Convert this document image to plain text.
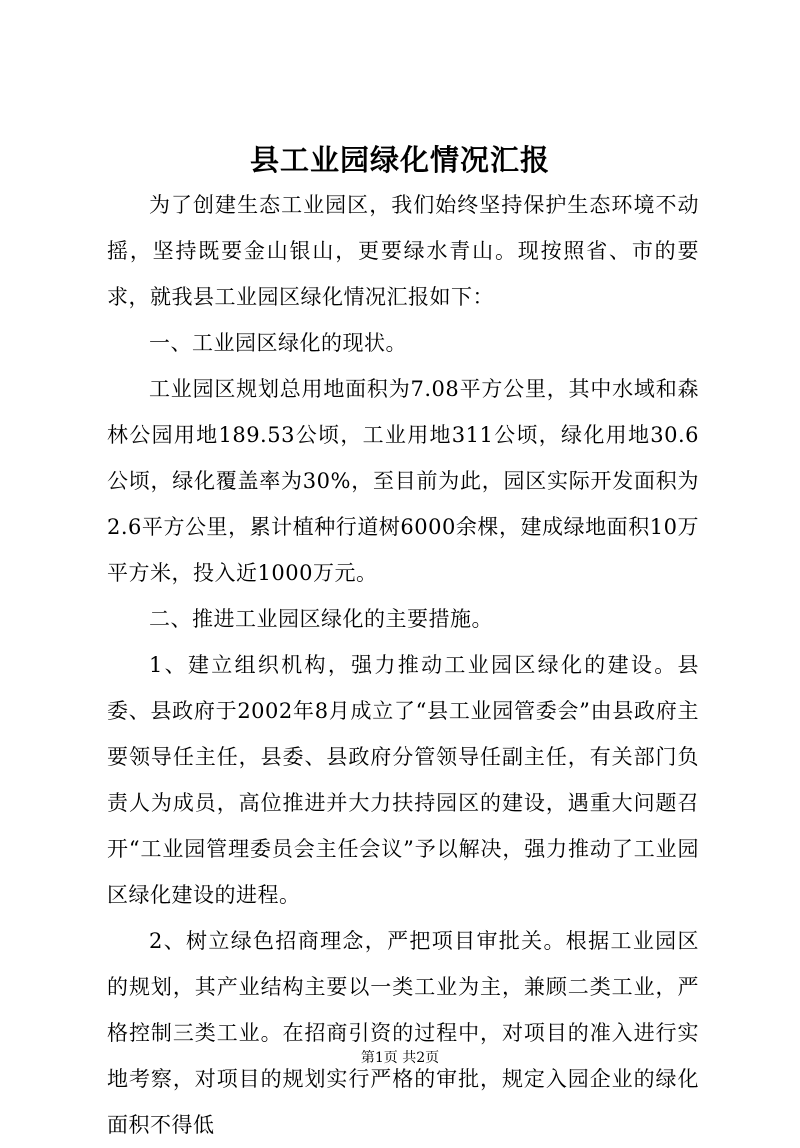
县工业园绿化情况汇报

为了创建生态工业园区，我们始终坚持保护生态环境不动摇，坚持既要金山银山，更要绿水青山。现按照省、市的要求，就我县工业园区绿化情况汇报如下：

一、工业园区绿化的现状。

工业园区规划总用地面积为7.08平方公里，其中水域和森林公园用地189.53公顷，工业用地311公顷，绿化用地30.6公顷，绿化覆盖率为30%，至目前为此，园区实际开发面积为2.6平方公里，累计植种行道树6000余棵，建成绿地面积10万平方米，投入近1000万元。

二、推进工业园区绿化的主要措施。

1、建立组织机构，强力推动工业园区绿化的建设。县委、县政府于2002年8月成立了“县工业园管委会”由县政府主要领导任主任，县委、县政府分管领导任副主任，有关部门负责人为成员，高位推进并大力扶持园区的建设，遇重大问题召开“工业园管理委员会主任会议”予以解决，强力推动了工业园区绿化建设的进程。

2、树立绿色招商理念，严把项目审批关。根据工业园区的规划，其产业结构主要以一类工业为主，兼顾二类工业，严格控制三类工业。在招商引资的过程中，对项目的准入进行实地考察，对项目的规划实行严格的审批，规定入园企业的绿化面积不得低

第1页 共2页
